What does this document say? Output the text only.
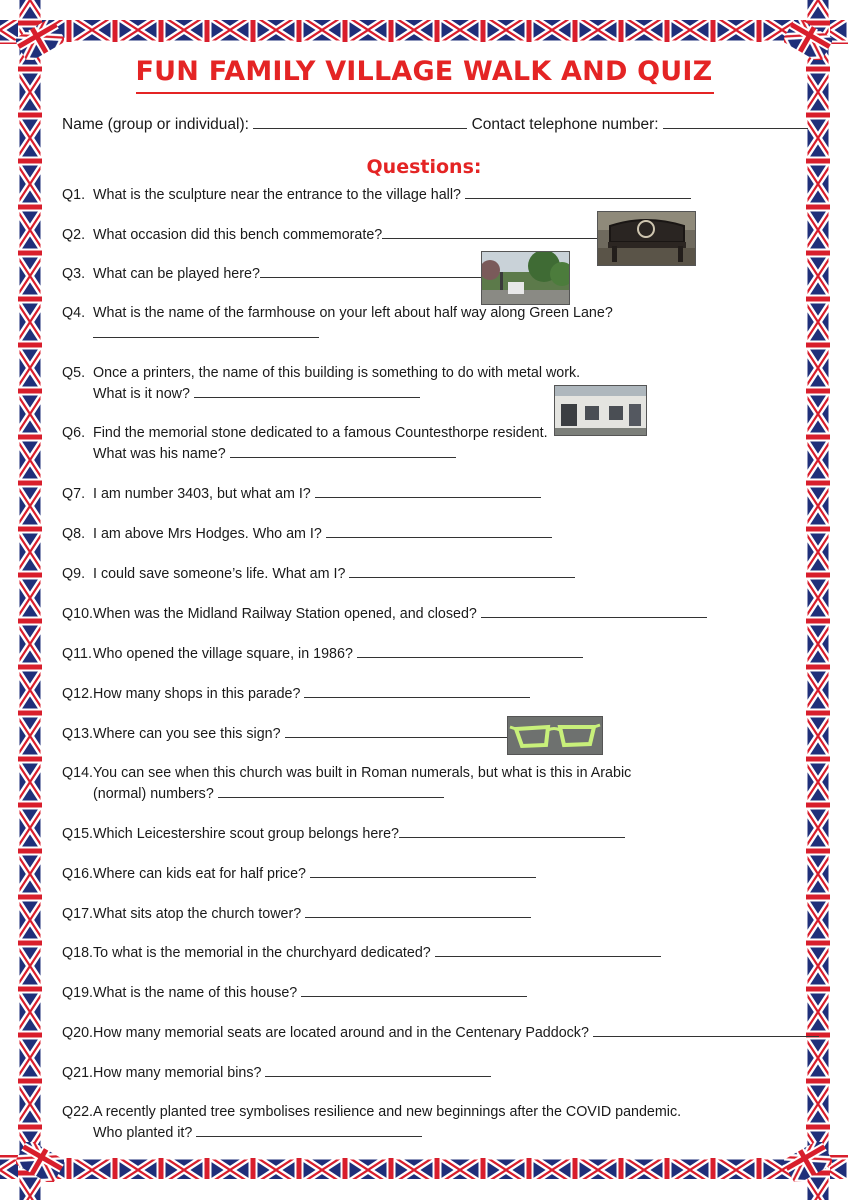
FUN FAMILY VILLAGE WALK AND QUIZ
Name (group or individual):	Contact telephone number:
Questions:
Q1. What is the sculpture near the entrance to the village hall?
Q2. What occasion did this bench commemorate?
Q3. What can be played here?
Q4. What is the name of the farmhouse on your left about half way along Green Lane?
Q5. Once a printers, the name of this building is something to do with metal work.
What is it now?
Q6. Find the memorial stone dedicated to a famous Countesthorpe resident.
What was his name?
Q7. I am number 3403, but what am I?
Q8. I am above Mrs Hodges. Who am I?
Q9. I could save someone’s life. What am I?
Q10.When was the Midland Railway Station opened, and closed?
Q11.Who opened the village square, in 1986?
Q12.How many shops in this parade?
Q13.Where can you see this sign?
Q14.You can see when this church was built in Roman numerals, but what is this in Arabic
(normal) numbers?
Q15.Which Leicestershire scout group belongs here?
Q16.Where can kids eat for half price?
Q17.What sits atop the church tower?
Q18.To what is the memorial in the churchyard dedicated?
Q19.What is the name of this house?
Q20.How many memorial seats are located around and in the Centenary Paddock?
Q21.How many memorial bins?
Q22.A recently planted tree symbolises resilience and new beginnings after the COVID pandemic.
Who planted it?
